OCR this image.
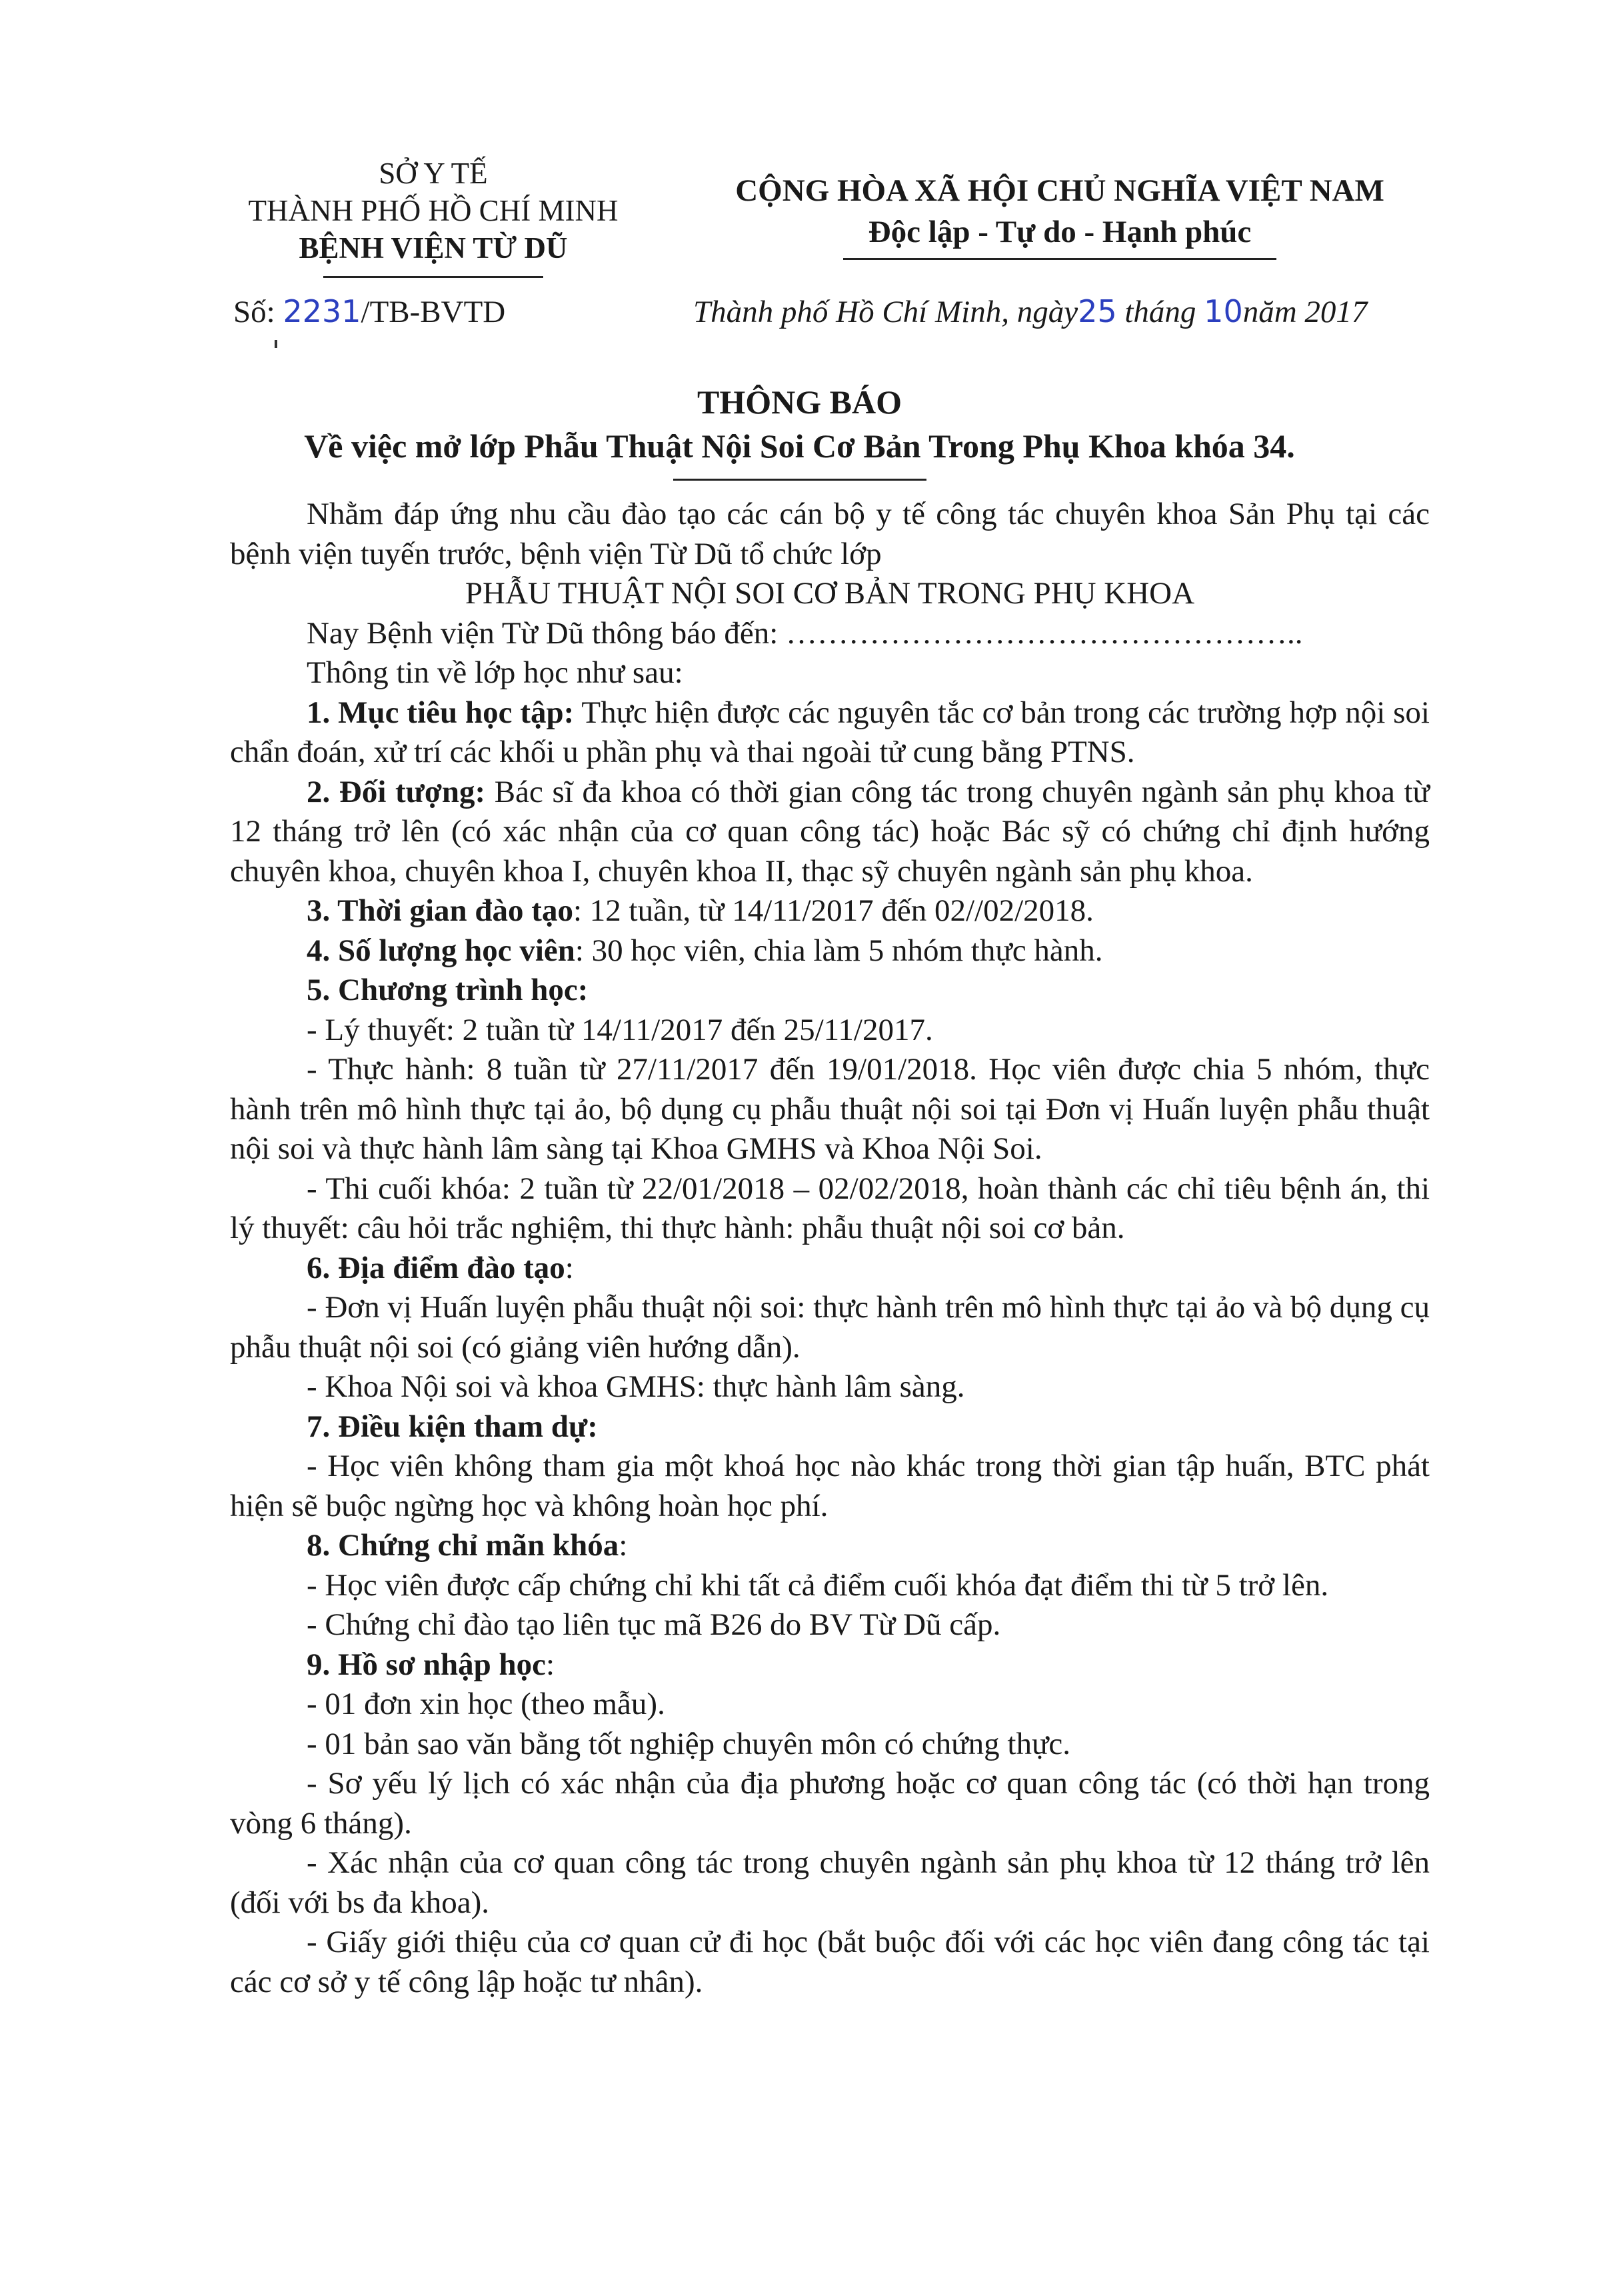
SỞ Y TẾ
THÀNH PHỐ HỒ CHÍ MINH
BỆNH VIỆN TỪ DŨ
CỘNG HÒA XÃ HỘI CHỦ NGHĨA VIỆT NAM
Độc lập - Tự do - Hạnh phúc
Số: 2231/TB-BVTD	Thành phố Hồ Chí Minh, ngày25 tháng 10năm 2017
THÔNG BÁO
Về việc mở lớp Phẫu Thuật Nội Soi Cơ Bản Trong Phụ Khoa khóa 34.

Nhằm đáp ứng nhu cầu đào tạo các cán bộ y tế công tác chuyên khoa Sản Phụ tại các bệnh viện tuyến trước, bệnh viện Từ Dũ tổ chức lớp

PHẪU THUẬT NỘI SOI CƠ BẢN TRONG PHỤ KHOA

Nay Bệnh viện Từ Dũ thông báo đến: …………………………………………..

Thông tin về lớp học như sau:

1. Mục tiêu học tập: Thực hiện được các nguyên tắc cơ bản trong các trường hợp nội soi chẩn đoán, xử trí các khối u phần phụ và thai ngoài tử cung bằng PTNS.

2. Đối tượng: Bác sĩ đa khoa có thời gian công tác trong chuyên ngành sản phụ khoa từ 12 tháng trở lên (có xác nhận của cơ quan công tác) hoặc Bác sỹ có chứng chỉ định hướng chuyên khoa, chuyên khoa I, chuyên khoa II, thạc sỹ chuyên ngành sản phụ khoa.

3. Thời gian đào tạo: 12 tuần, từ 14/11/2017 đến 02//02/2018.

4. Số lượng học viên: 30 học viên, chia làm 5 nhóm thực hành.

5. Chương trình học:

- Lý thuyết: 2 tuần từ 14/11/2017 đến 25/11/2017.

- Thực hành: 8 tuần từ 27/11/2017 đến 19/01/2018. Học viên được chia 5 nhóm, thực hành trên mô hình thực tại ảo, bộ dụng cụ phẫu thuật nội soi tại Đơn vị Huấn luyện phẫu thuật nội soi và thực hành lâm sàng tại Khoa GMHS và Khoa Nội Soi.

- Thi cuối khóa: 2 tuần từ 22/01/2018 – 02/02/2018, hoàn thành các chỉ tiêu bệnh án, thi lý thuyết: câu hỏi trắc nghiệm, thi thực hành: phẫu thuật nội soi cơ bản.

6. Địa điểm đào tạo:

- Đơn vị Huấn luyện phẫu thuật nội soi: thực hành trên mô hình thực tại ảo và bộ dụng cụ phẫu thuật nội soi (có giảng viên hướng dẫn).

- Khoa Nội soi và khoa GMHS: thực hành lâm sàng.

7. Điều kiện tham dự:

- Học viên không tham gia một khoá học nào khác trong thời gian tập huấn, BTC phát hiện sẽ buộc ngừng học và không hoàn học phí.

8. Chứng chỉ mãn khóa:

- Học viên được cấp chứng chỉ khi tất cả điểm cuối khóa đạt điểm thi từ 5 trở lên.

- Chứng chỉ đào tạo liên tục mã B26 do BV Từ Dũ cấp.

9. Hồ sơ nhập học:

- 01 đơn xin học (theo mẫu).

- 01 bản sao văn bằng tốt nghiệp chuyên môn có chứng thực.

- Sơ yếu lý lịch có xác nhận của địa phương hoặc cơ quan công tác (có thời hạn trong vòng 6 tháng).

- Xác nhận của cơ quan công tác trong chuyên ngành sản phụ khoa từ 12 tháng trở lên (đối với bs đa khoa).

- Giấy giới thiệu của cơ quan cử đi học (bắt buộc đối với các học viên đang công tác tại các cơ sở y tế công lập hoặc tư nhân).
